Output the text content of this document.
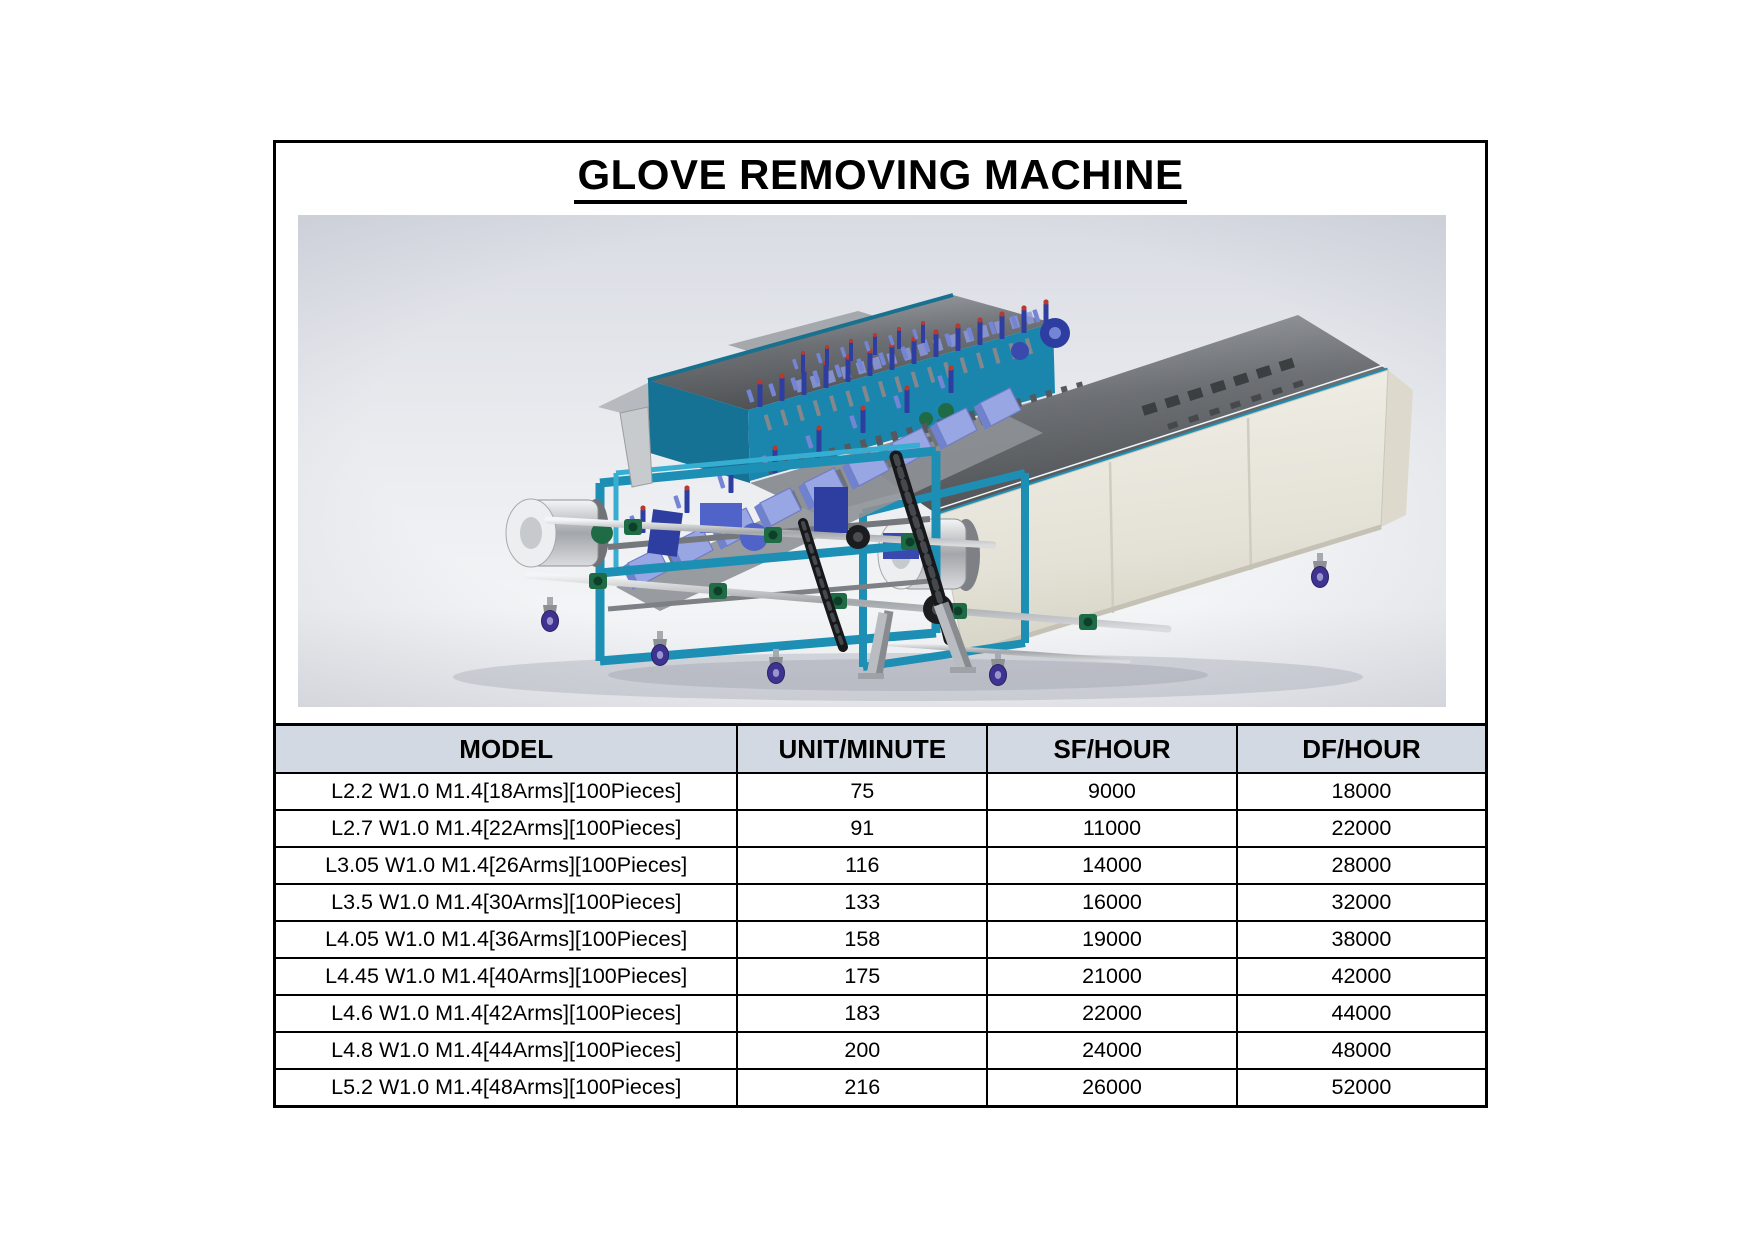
GLOVE REMOVING MACHINE
MODEL	UNIT/MINUTE	SF/HOUR	DF/HOUR
L2.2 W1.0 M1.4[18Arms][100Pieces]	75	9000	18000
L2.7 W1.0 M1.4[22Arms][100Pieces]	91	11000	22000
L3.05 W1.0 M1.4[26Arms][100Pieces]	116	14000	28000
L3.5 W1.0 M1.4[30Arms][100Pieces]	133	16000	32000
L4.05 W1.0 M1.4[36Arms][100Pieces]	158	19000	38000
L4.45 W1.0 M1.4[40Arms][100Pieces]	175	21000	42000
L4.6 W1.0 M1.4[42Arms][100Pieces]	183	22000	44000
L4.8 W1.0 M1.4[44Arms][100Pieces]	200	24000	48000
L5.2 W1.0 M1.4[48Arms][100Pieces]	216	26000	52000
